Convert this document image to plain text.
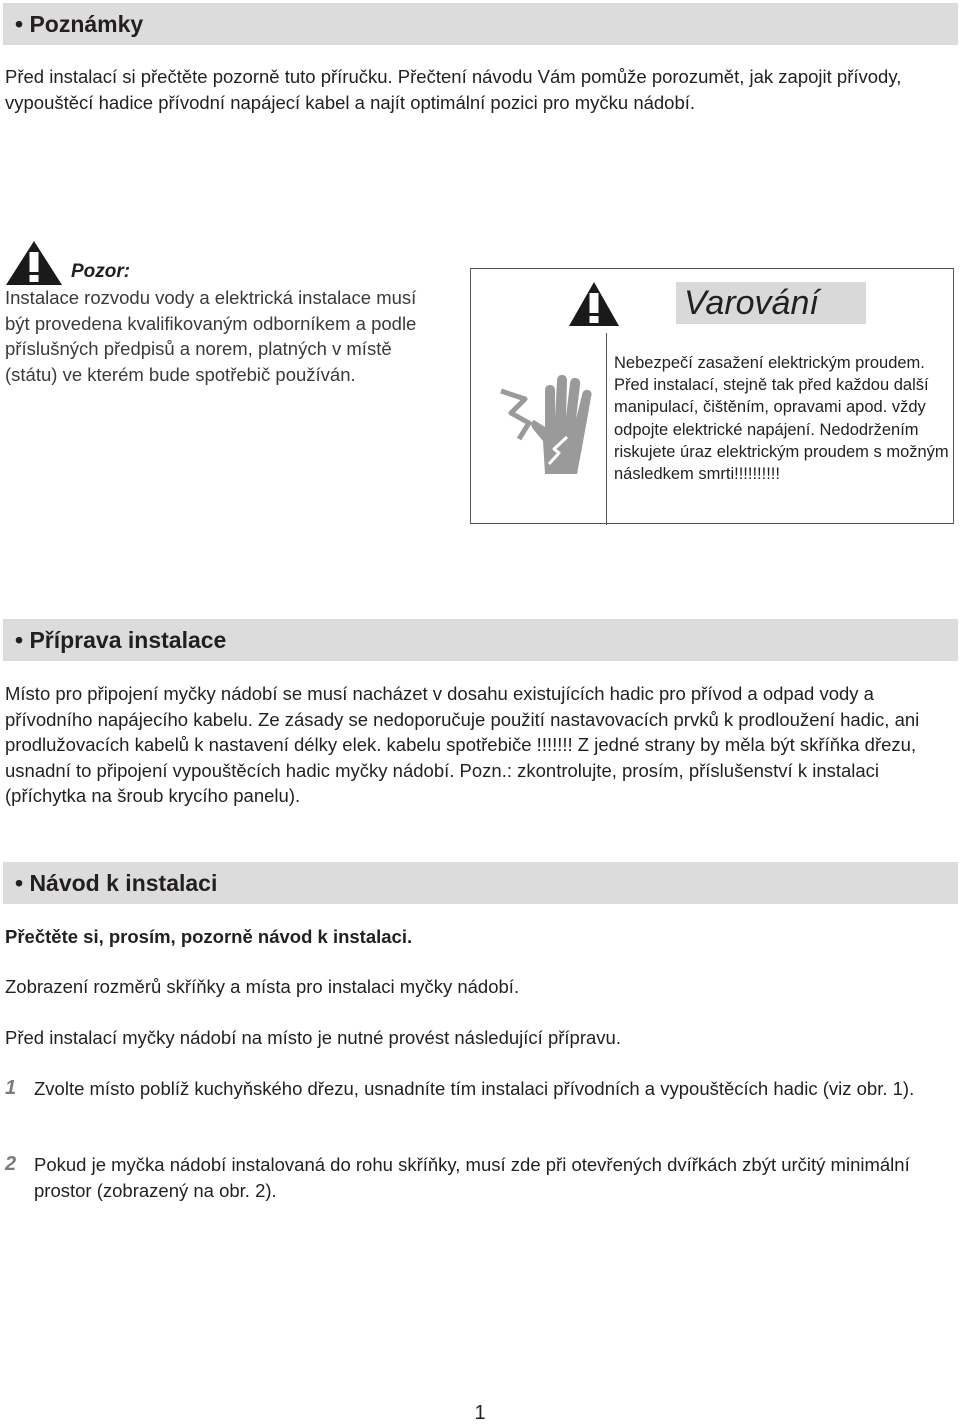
• Poznámky

Před instalací si přečtěte pozorně tuto příručku. Přečtení návodu Vám pomůže porozumět, jak zapojit přívody, vypouštěcí hadice přívodní napájecí kabel a najít optimální pozici pro myčku nádobí.

Pozor:

Instalace rozvodu vody a elektrická instalace musí být provedena kvalifikovaným odborníkem a podle příslušných předpisů a norem, platných v místě (státu) ve kterém bude spotřebič používán.

Varování

Nebezpečí zasažení elektrickým proudem. Před instalací, stejně tak před každou další manipulací, čištěním, opravami apod. vždy odpojte elektrické napájení. Nedodržením riskujete úraz elektrickým proudem s možným následkem smrti!!!!!!!!!!

• Příprava instalace

Místo pro připojení myčky nádobí se musí nacházet v dosahu existujících hadic pro přívod a odpad vody a přívodního napájecího kabelu. Ze zásady se nedoporučuje použití nastavovacích prvků k prodloužení hadic, ani prodlužovacích kabelů k nastavení délky elek. kabelu spotřebiče !!!!!!! Z jedné strany by měla být skříňka dřezu, usnadní to připojení vypouštěcích hadic myčky nádobí. Pozn.: zkontrolujte, prosím, příslušenství k instalaci (příchytka na šroub krycího panelu).

• Návod k instalaci

Přečtěte si, prosím, pozorně návod k instalaci.

Zobrazení rozměrů skříňky a místa pro instalaci myčky nádobí.

Před instalací myčky nádobí na místo je nutné provést následující přípravu.

1 Zvolte místo poblíž kuchyňského dřezu, usnadníte tím instalaci přívodních a vypouštěcích hadic (viz obr. 1).

2 Pokud je myčka nádobí instalovaná do rohu skříňky, musí zde při otevřených dvířkách zbýt určitý minimální prostor (zobrazený na obr. 2).

1
